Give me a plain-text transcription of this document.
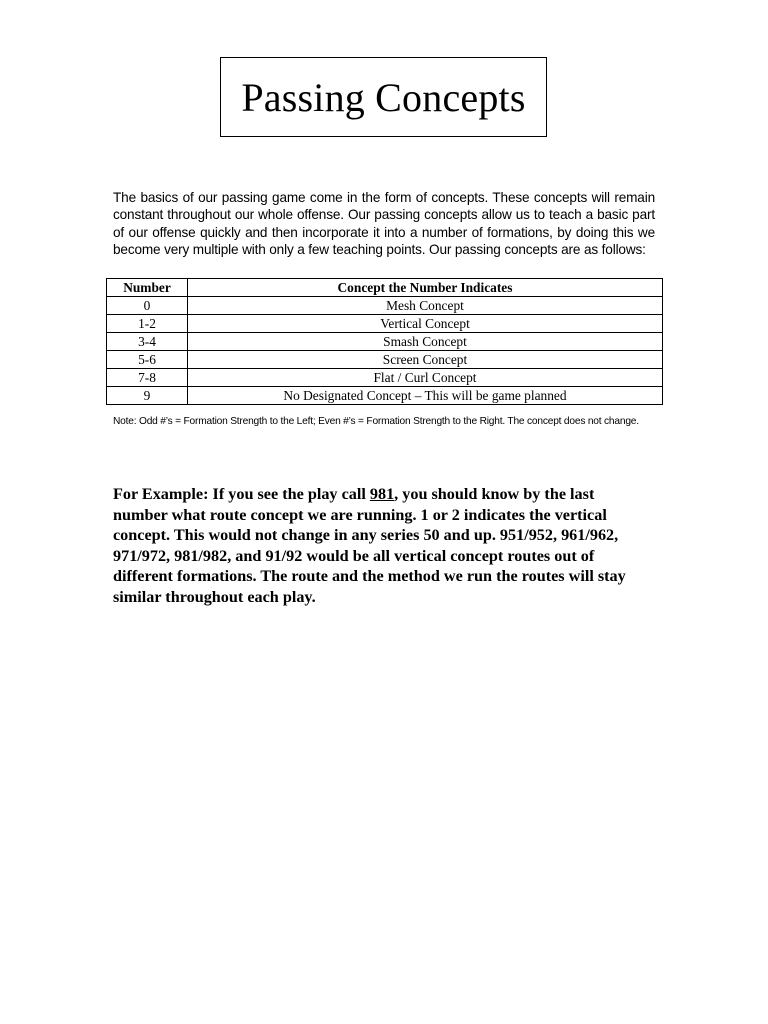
Passing Concepts

The basics of our passing game come in the form of concepts. These concepts will remain constant throughout our whole offense. Our passing concepts allow us to teach a basic part of our offense quickly and then incorporate it into a number of formations, by doing this we become very multiple with only a few teaching points. Our passing concepts are as follows:

Number	Concept the Number Indicates
0	Mesh Concept
1-2	Vertical Concept
3-4	Smash Concept
5-6	Screen Concept
7-8	Flat / Curl Concept
9	No Designated Concept – This will be game planned

Note: Odd #’s = Formation Strength to the Left; Even #’s = Formation Strength to the Right. The concept does not change.

For Example: If you see the play call 981, you should know by the last number what route concept we are running. 1 or 2 indicates the vertical concept. This would not change in any series 50 and up. 951/952, 961/962, 971/972, 981/982, and 91/92 would be all vertical concept routes out of different formations. The route and the method we run the routes will stay similar throughout each play.
